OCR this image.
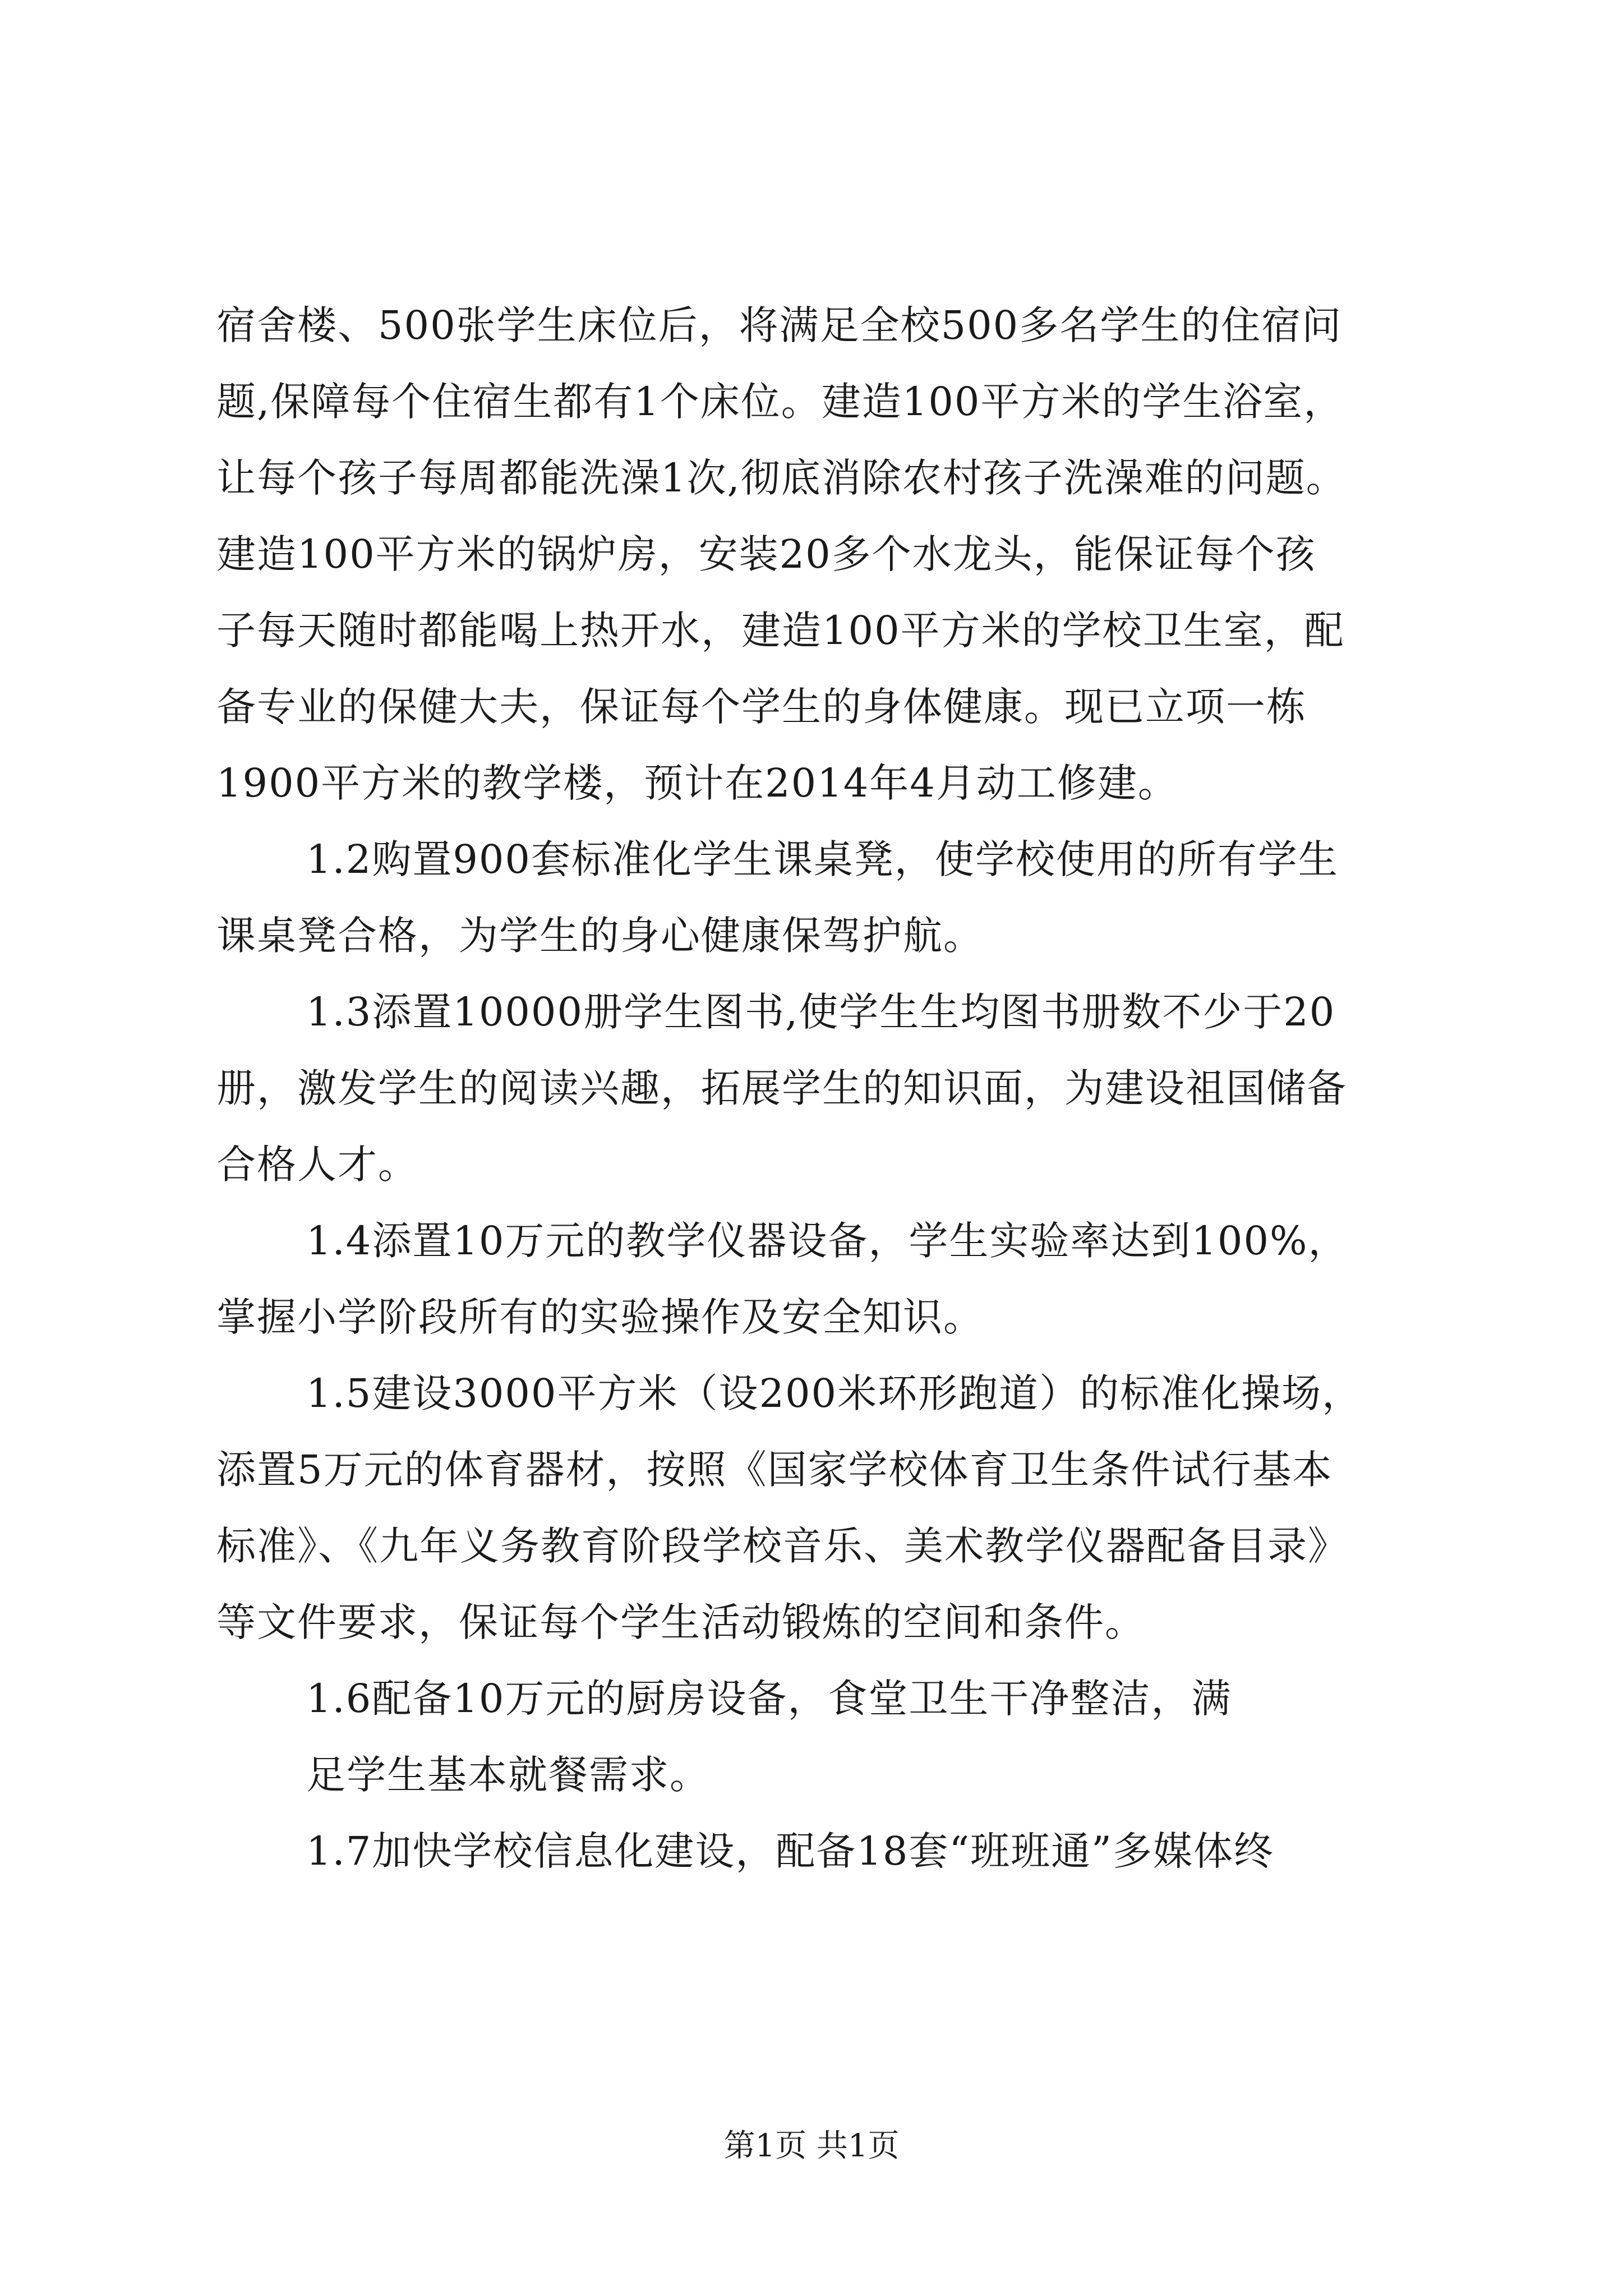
宿舍楼、500张学生床位后，将满足全校500多名学生的住宿问
题,保障每个住宿生都有1个床位。建造100平方米的学生浴室，
让每个孩子每周都能洗澡1次,彻底消除农村孩子洗澡难的问题。
建造100平方米的锅炉房，安装20多个水龙头，能保证每个孩
子每天随时都能喝上热开水，建造100平方米的学校卫生室，配
备专业的保健大夫，保证每个学生的身体健康。现已立项一栋
1900平方米的教学楼，预计在2014年4月动工修建。
1.2购置900套标准化学生课桌凳，使学校使用的所有学生
课桌凳合格，为学生的身心健康保驾护航。
1.3添置10000册学生图书,使学生生均图书册数不少于20
册，激发学生的阅读兴趣，拓展学生的知识面，为建设祖国储备
合格人才。
1.4添置10万元的教学仪器设备，学生实验率达到100%，
掌握小学阶段所有的实验操作及安全知识。
1.5建设3000平方米（设200米环形跑道）的标准化操场，
添置5万元的体育器材，按照《国家学校体育卫生条件试行基本
标准》、《九年义务教育阶段学校音乐、美术教学仪器配备目录》
等文件要求，保证每个学生活动锻炼的空间和条件。
1.6配备10万元的厨房设备，食堂卫生干净整洁，满
足学生基本就餐需求。
1.7加快学校信息化建设，配备18套“班班通”多媒体终
第1页 共1页
